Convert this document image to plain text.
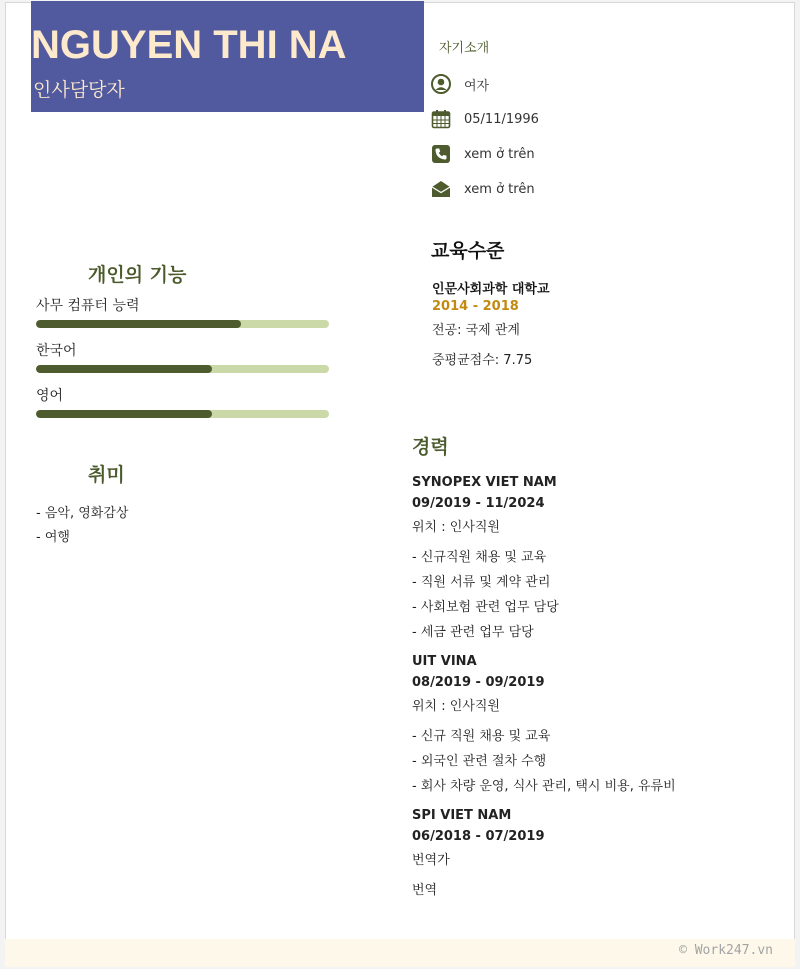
NGUYEN THI NA
인사담당자
자기소개
여자
05/11/1996
xem ở trên
xem ở trên
교육수준
인문사회과학 대학교
2014 - 2018
전공: 국제 관계
중평균점수: 7.75
개인의 기능
사무 컴퓨터 능력
한국어
영어
취미
- 음악, 영화감상
- 여행
경력
SYNOPEX VIET NAM
09/2019 - 11/2024
위치 : 인사직원
- 신규직원 채용 및 교육
- 직원 서류 및 계약 관리
- 사회보험 관련 업무 담당
- 세금 관련 업무 담당
UIT VINA
08/2019 - 09/2019
위치 : 인사직원
- 신규 직원 채용 및 교육
- 외국인 관련 절차 수행
- 회사 차량 운영, 식사 관리, 택시 비용, 유류비
SPI VIET NAM
06/2018 - 07/2019
번역가
번역
© Work247.vn
